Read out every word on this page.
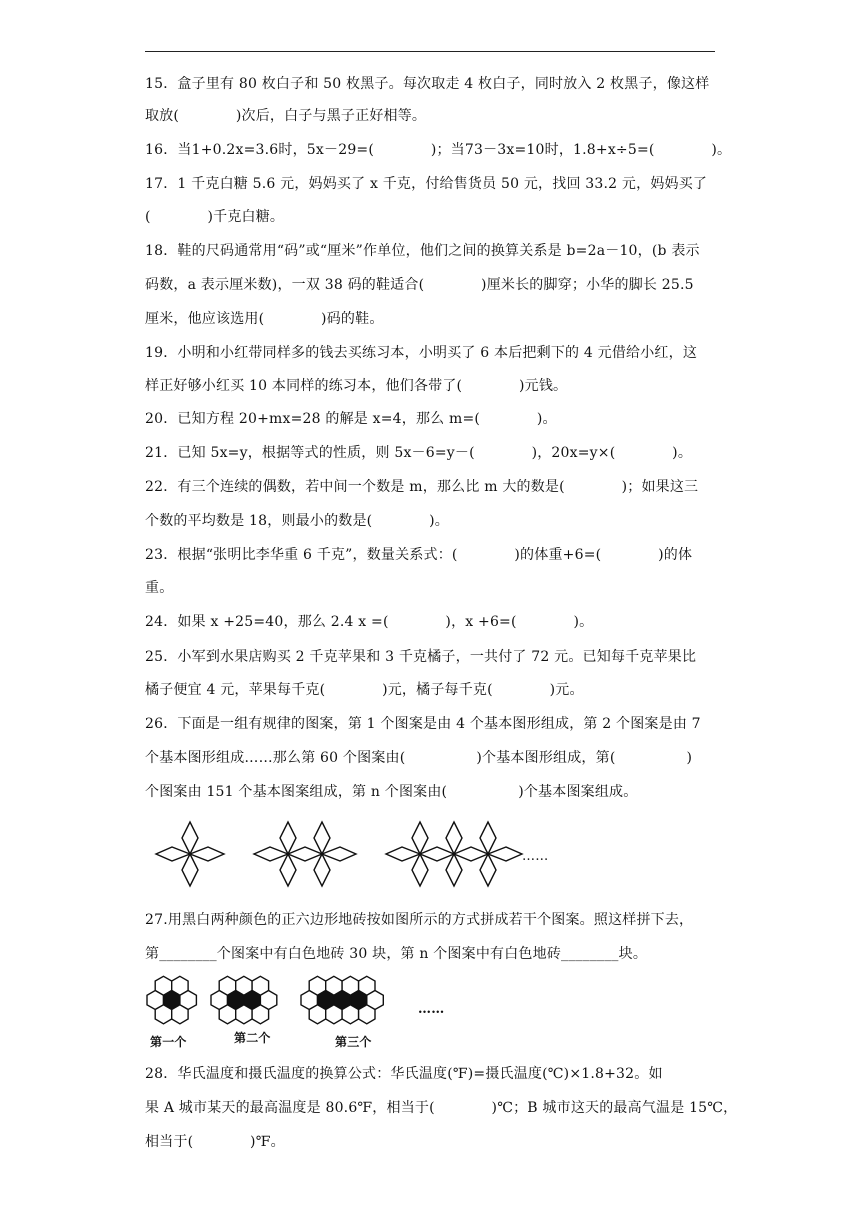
15．盒子里有 80 枚白子和 50 枚黑子。每次取走 4 枚白子，同时放入 2 枚黑子，像这样
取放(　　　　)次后，白子与黑子正好相等。
16．当1+0.2x=3.6时，5x－29=(　　　　)；当73－3x=10时，1.8+x÷5=(　　　　)。
17．1 千克白糖 5.6 元，妈妈买了 x 千克，付给售货员 50 元，找回 33.2 元，妈妈买了
(　　　　)千克白糖。
18．鞋的尺码通常用“码”或“厘米”作单位，他们之间的换算关系是 b=2a－10，(b 表示
码数，a 表示厘米数)，一双 38 码的鞋适合(　　　　)厘米长的脚穿；小华的脚长 25.5
厘米，他应该选用(　　　　)码的鞋。
19．小明和小红带同样多的钱去买练习本，小明买了 6 本后把剩下的 4 元借给小红，这
样正好够小红买 10 本同样的练习本，他们各带了(　　　　)元钱。
20．已知方程 20+mx=28 的解是 x=4，那么 m=(　　　　)。
21．已知 5x=y，根据等式的性质，则 5x－6=y－(　　　　)，20x=y×(　　　　)。
22．有三个连续的偶数，若中间一个数是 m，那么比 m 大的数是(　　　　)；如果这三
个数的平均数是 18，则最小的数是(　　　　)。
23．根据“张明比李华重 6 千克”，数量关系式：(　　　　)的体重+6=(　　　　)的体
重。
24．如果 x +25=40，那么 2.4 x =(　　　　)，x +6=(　　　　)。
25．小军到水果店购买 2 千克苹果和 3 千克橘子，一共付了 72 元。已知每千克苹果比
橘子便宜 4 元，苹果每千克(　　　　)元，橘子每千克(　　　　)元。
26．下面是一组有规律的图案，第 1 个图案是由 4 个基本图形组成，第 2 个图案是由 7
个基本图形组成……那么第 60 个图案由(　　　　　)个基本图形组成，第(　　　　　)
个图案由 151 个基本图案组成，第 n 个图案由(　　　　　)个基本图案组成。
……
27.用黑白两种颜色的正六边形地砖按如图所示的方式拼成若干个图案。照这样拼下去，
第________个图案中有白色地砖 30 块，第 n 个图案中有白色地砖________块。
……
第一个	第二个	第三个
28．华氏温度和摄氏温度的换算公式：华氏温度(℉)=摄氏温度(℃)×1.8+32。如
果 A 城市某天的最高温度是 80.6℉，相当于(　　　　)℃；B 城市这天的最高气温是 15℃，
相当于(　　　　)℉。
